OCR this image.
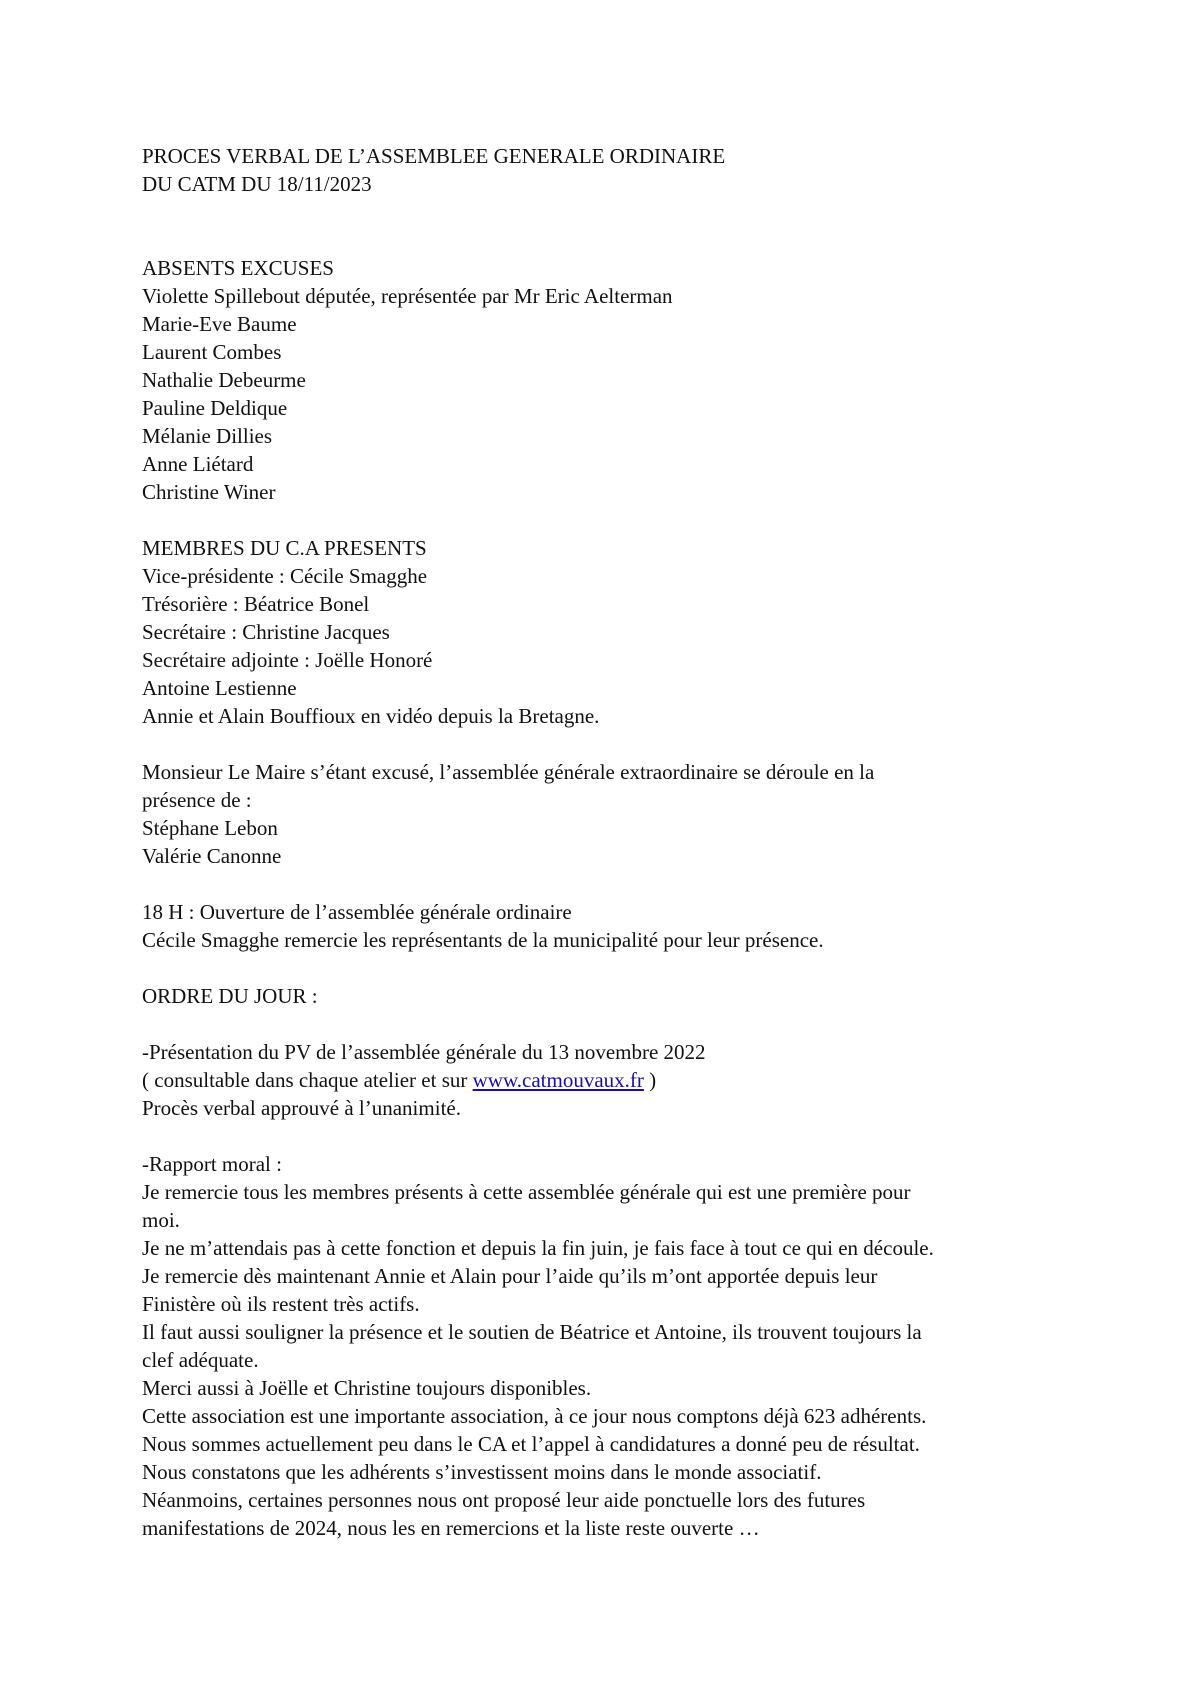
PROCES VERBAL DE L’ASSEMBLEE GENERALE ORDINAIRE
DU CATM DU 18/11/2023
ABSENTS EXCUSES
Violette Spillebout députée, représentée par Mr Eric Aelterman
Marie-Eve Baume
Laurent Combes
Nathalie Debeurme
Pauline Deldique
Mélanie Dillies
Anne Liétard
Christine Winer
MEMBRES DU C.A PRESENTS
Vice-présidente : Cécile Smagghe
Trésorière : Béatrice Bonel
Secrétaire : Christine Jacques
Secrétaire adjointe : Joëlle Honoré
Antoine Lestienne
Annie et Alain Bouffioux en vidéo depuis la Bretagne.
Monsieur Le Maire s’étant excusé, l’assemblée générale extraordinaire se déroule en la
présence de :
Stéphane Lebon
Valérie Canonne
18 H : Ouverture de l’assemblée générale ordinaire
Cécile Smagghe remercie les représentants de la municipalité pour leur présence.
ORDRE DU JOUR :
-Présentation du PV de l’assemblée générale du 13 novembre 2022
( consultable dans chaque atelier et sur www.catmouvaux.fr )
Procès verbal approuvé à l’unanimité.
-Rapport moral :
Je remercie tous les membres présents à cette assemblée générale qui est une première pour
moi.
Je ne m’attendais pas à cette fonction et depuis la fin juin, je fais face à tout ce qui en découle.
Je remercie dès maintenant Annie et Alain pour l’aide qu’ils m’ont apportée depuis leur
Finistère où ils restent très actifs.
Il faut aussi souligner la présence et le soutien de Béatrice et Antoine, ils trouvent toujours la
clef adéquate.
Merci aussi à Joëlle et Christine toujours disponibles.
Cette association est une importante association, à ce jour nous comptons déjà 623 adhérents.
Nous sommes actuellement peu dans le CA et l’appel à candidatures a donné peu de résultat.
Nous constatons que les adhérents s’investissent moins dans le monde associatif.
Néanmoins, certaines personnes nous ont proposé leur aide ponctuelle lors des futures
manifestations de 2024, nous les en remercions et la liste reste ouverte …
